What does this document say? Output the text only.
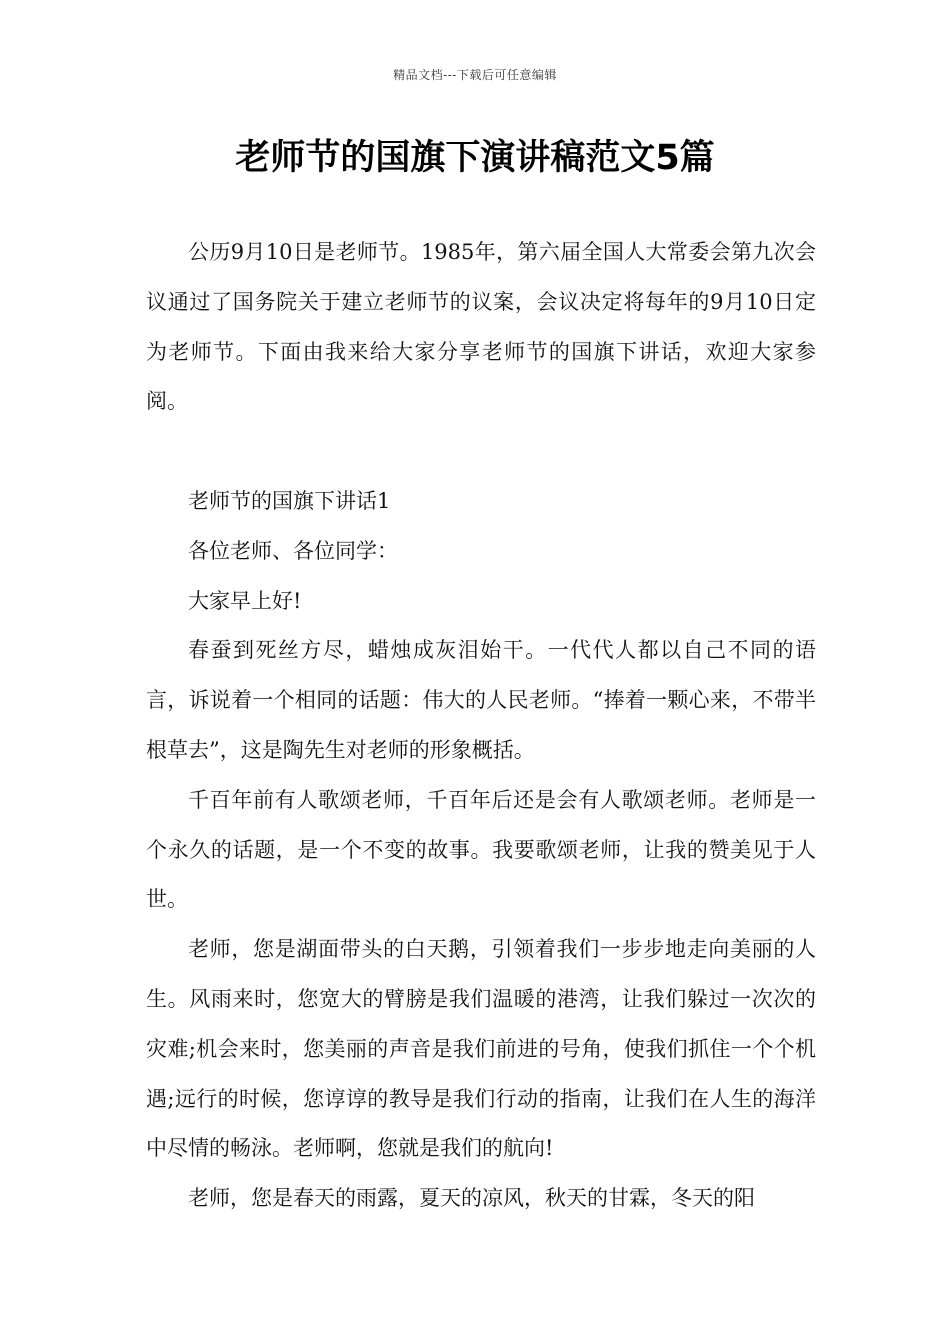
精品文档---下载后可任意编辑
老师节的国旗下演讲稿范文5篇

公历9月10日是老师节。1985年，第六届全国人大常委会第九次会议通过了国务院关于建立老师节的议案，会议决定将每年的9月10日定为老师节。下面由我来给大家分享老师节的国旗下讲话，欢迎大家参阅。

老师节的国旗下讲话1

各位老师、各位同学：

大家早上好!

春蚕到死丝方尽，蜡烛成灰泪始干。一代代人都以自己不同的语言，诉说着一个相同的话题：伟大的人民老师。“捧着一颗心来，不带半根草去”，这是陶先生对老师的形象概括。

千百年前有人歌颂老师，千百年后还是会有人歌颂老师。老师是一个永久的话题，是一个不变的故事。我要歌颂老师，让我的赞美见于人世。

老师，您是湖面带头的白天鹅，引领着我们一步步地走向美丽的人生。风雨来时，您宽大的臂膀是我们温暖的港湾，让我们躲过一次次的灾难;机会来时，您美丽的声音是我们前进的号角，使我们抓住一个个机遇;远行的时候，您谆谆的教导是我们行动的指南，让我们在人生的海洋中尽情的畅泳。老师啊，您就是我们的航向!

老师，您是春天的雨露，夏天的凉风，秋天的甘霖，冬天的阳
